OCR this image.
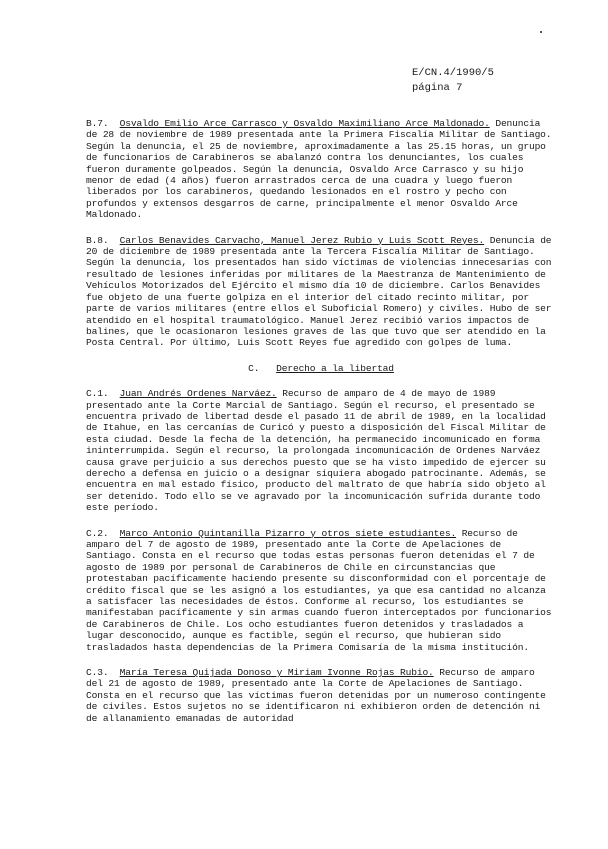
E/CN.4/1990/5
página 7

B.7. Osvaldo Emilio Arce Carrasco y Osvaldo Maximiliano Arce Maldonado. Denuncia de 28 de noviembre de 1989 presentada ante la Primera Fiscalía Militar de Santiago. Según la denuncia, el 25 de noviembre, aproximadamente a las 25.15 horas, un grupo de funcionarios de Carabineros se abalanzó contra los denunciantes, los cuales fueron duramente golpeados. Según la denuncia, Osvaldo Arce Carrasco y su hijo menor de edad (4 años) fueron arrastrados cerca de una cuadra y luego fueron liberados por los carabineros, quedando lesionados en el rostro y pecho con profundos y extensos desgarros de carne, principalmente el menor Osvaldo Arce Maldonado.

B.8. Carlos Benavides Carvacho, Manuel Jerez Rubio y Luis Scott Reyes. Denuncia de 20 de diciembre de 1989 presentada ante la Tercera Fiscalía Militar de Santiago. Según la denuncia, los presentados han sido víctimas de violencias innecesarias con resultado de lesiones inferidas por militares de la Maestranza de Mantenimiento de Vehículos Motorizados del Ejército el mismo día 10 de diciembre. Carlos Benavides fue objeto de una fuerte golpiza en el interior del citado recinto militar, por parte de varios militares (entre ellos el Suboficial Romero) y civiles. Hubo de ser atendido en el hospital traumatológico. Manuel Jerez recibió varios impactos de balines, que le ocasionaron lesiones graves de las que tuvo que ser atendido en la Posta Central. Por último, Luis Scott Reyes fue agredido con golpes de luma.

C. Derecho a la libertad

C.1. Juan Andrés Ordenes Narváez. Recurso de amparo de 4 de mayo de 1989 presentado ante la Corte Marcial de Santiago. Según el recurso, el presentado se encuentra privado de libertad desde el pasado 11 de abril de 1989, en la localidad de Itahue, en las cercanías de Curicó y puesto a disposición del Fiscal Militar de esta ciudad. Desde la fecha de la detención, ha permanecido incomunicado en forma ininterrumpida. Según el recurso, la prolongada incomunicación de Ordenes Narváez causa grave perjuicio a sus derechos puesto que se ha visto impedido de ejercer su derecho a defensa en juicio o a designar siquiera abogado patrocinante. Además, se encuentra en mal estado físico, producto del maltrato de que habría sido objeto al ser detenido. Todo ello se ve agravado por la incomunicación sufrida durante todo este período.

C.2. Marco Antonio Quintanilla Pizarro y otros siete estudiantes. Recurso de amparo del 7 de agosto de 1989, presentado ante la Corte de Apelaciones de Santiago. Consta en el recurso que todas estas personas fueron detenidas el 7 de agosto de 1989 por personal de Carabineros de Chile en circunstancias que protestaban pacíficamente haciendo presente su disconformidad con el porcentaje de crédito fiscal que se les asignó a los estudiantes, ya que esa cantidad no alcanza a satisfacer las necesidades de éstos. Conforme al recurso, los estudiantes se manifestaban pacíficamente y sin armas cuando fueron interceptados por funcionarios de Carabineros de Chile. Los ocho estudiantes fueron detenidos y trasladados a lugar desconocido, aunque es factible, según el recurso, que hubieran sido trasladados hasta dependencias de la Primera Comisaría de la misma institución.

C.3. María Teresa Quijada Donoso y Miriam Ivonne Rojas Rubio. Recurso de amparo del 21 de agosto de 1989, presentado ante la Corte de Apelaciones de Santiago. Consta en el recurso que las víctimas fueron detenidas por un numeroso contingente de civiles. Estos sujetos no se identificaron ni exhibieron orden de detención ni de allanamiento emanadas de autoridad
